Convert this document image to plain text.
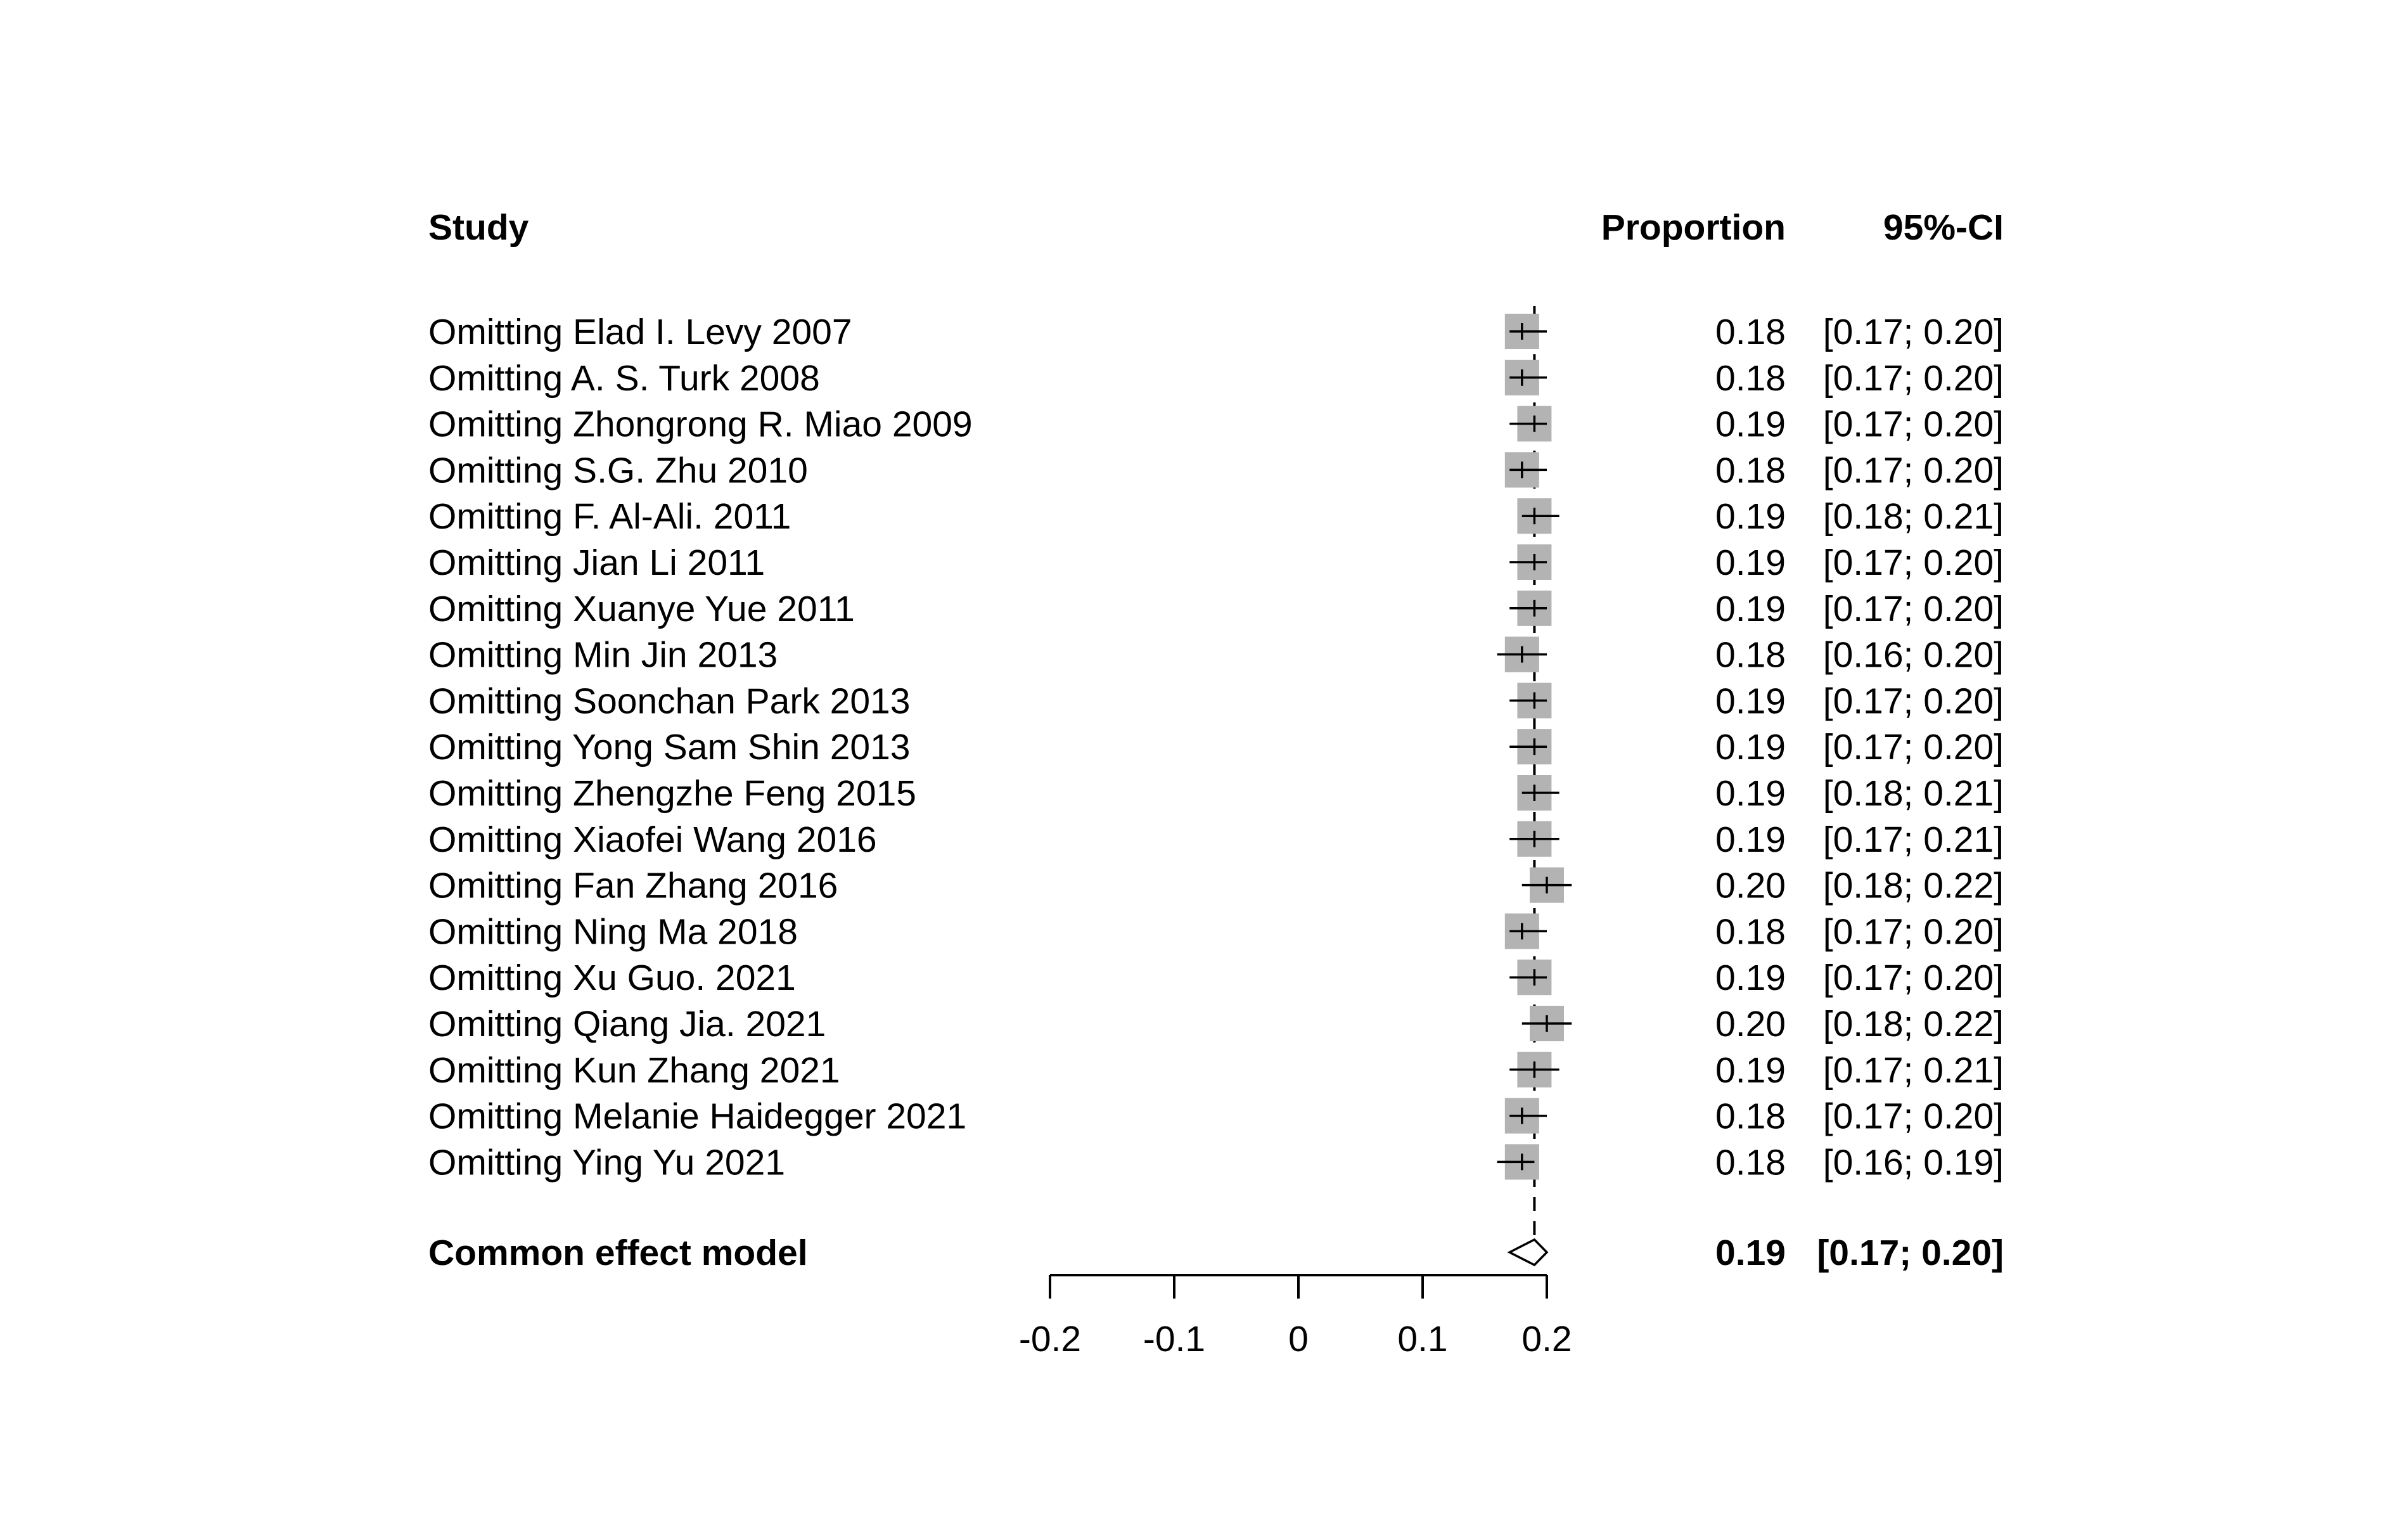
Study	Proportion	95%-CI
Omitting Elad I. Levy 2007	0.18 [0.17; 0.20]
Omitting A. S. Turk 2008	0.18 [0.17; 0.20]
Omitting Zhongrong R. Miao 2009	0.19 [0.17; 0.20]
Omitting S.G. Zhu 2010	0.18 [0.17; 0.20]
Omitting F. Al-Ali. 2011	0.19 [0.18; 0.21]
Omitting Jian Li 2011	0.19 [0.17; 0.20]
Omitting Xuanye Yue 2011	0.19 [0.17; 0.20]
Omitting Min Jin 2013	0.18 [0.16; 0.20]
Omitting Soonchan Park 2013	0.19 [0.17; 0.20]
Omitting Yong Sam Shin 2013	0.19 [0.17; 0.20]
Omitting Zhengzhe Feng 2015	0.19 [0.18; 0.21]
Omitting Xiaofei Wang 2016	0.19 [0.17; 0.21]
Omitting Fan Zhang 2016	0.20 [0.18; 0.22]
Omitting Ning Ma 2018	0.18 [0.17; 0.20]
Omitting Xu Guo. 2021	0.19 [0.17; 0.20]
Omitting Qiang Jia. 2021	0.20 [0.18; 0.22]
Omitting Kun Zhang 2021	0.19 [0.17; 0.21]
Omitting Melanie Haidegger 2021	0.18 [0.17; 0.20]
Omitting Ying Yu 2021	0.18 [0.16; 0.19]
Common effect model	0.19 [0.17; 0.20]
-0.2 -0.1 0 0.1 0.2
